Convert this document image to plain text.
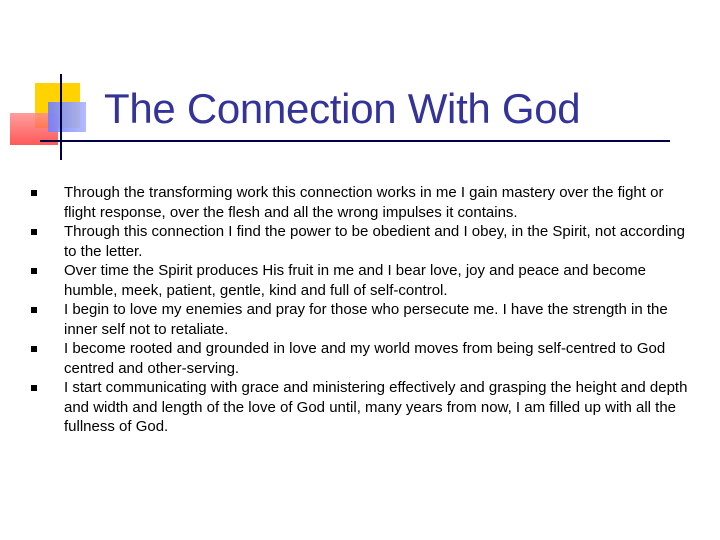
The Connection With God
Through the transforming work this connection works in me I gain mastery over the fight or flight response, over the flesh and all the wrong impulses it contains.
Through this connection I find the power to be obedient and I obey, in the Spirit, not according to the letter.
Over time the Spirit produces His fruit in me and I bear love, joy and peace and become humble, meek, patient, gentle, kind and full of self-control.
I begin to love my enemies and pray for those who persecute me. I have the strength in the inner self not to retaliate.
I become rooted and grounded in love and my world moves from being self-centred to God centred and other-serving.
I start communicating with grace and ministering effectively and grasping the height and depth and width and length of the love of God until, many years from now, I am filled up with all the fullness of God.
